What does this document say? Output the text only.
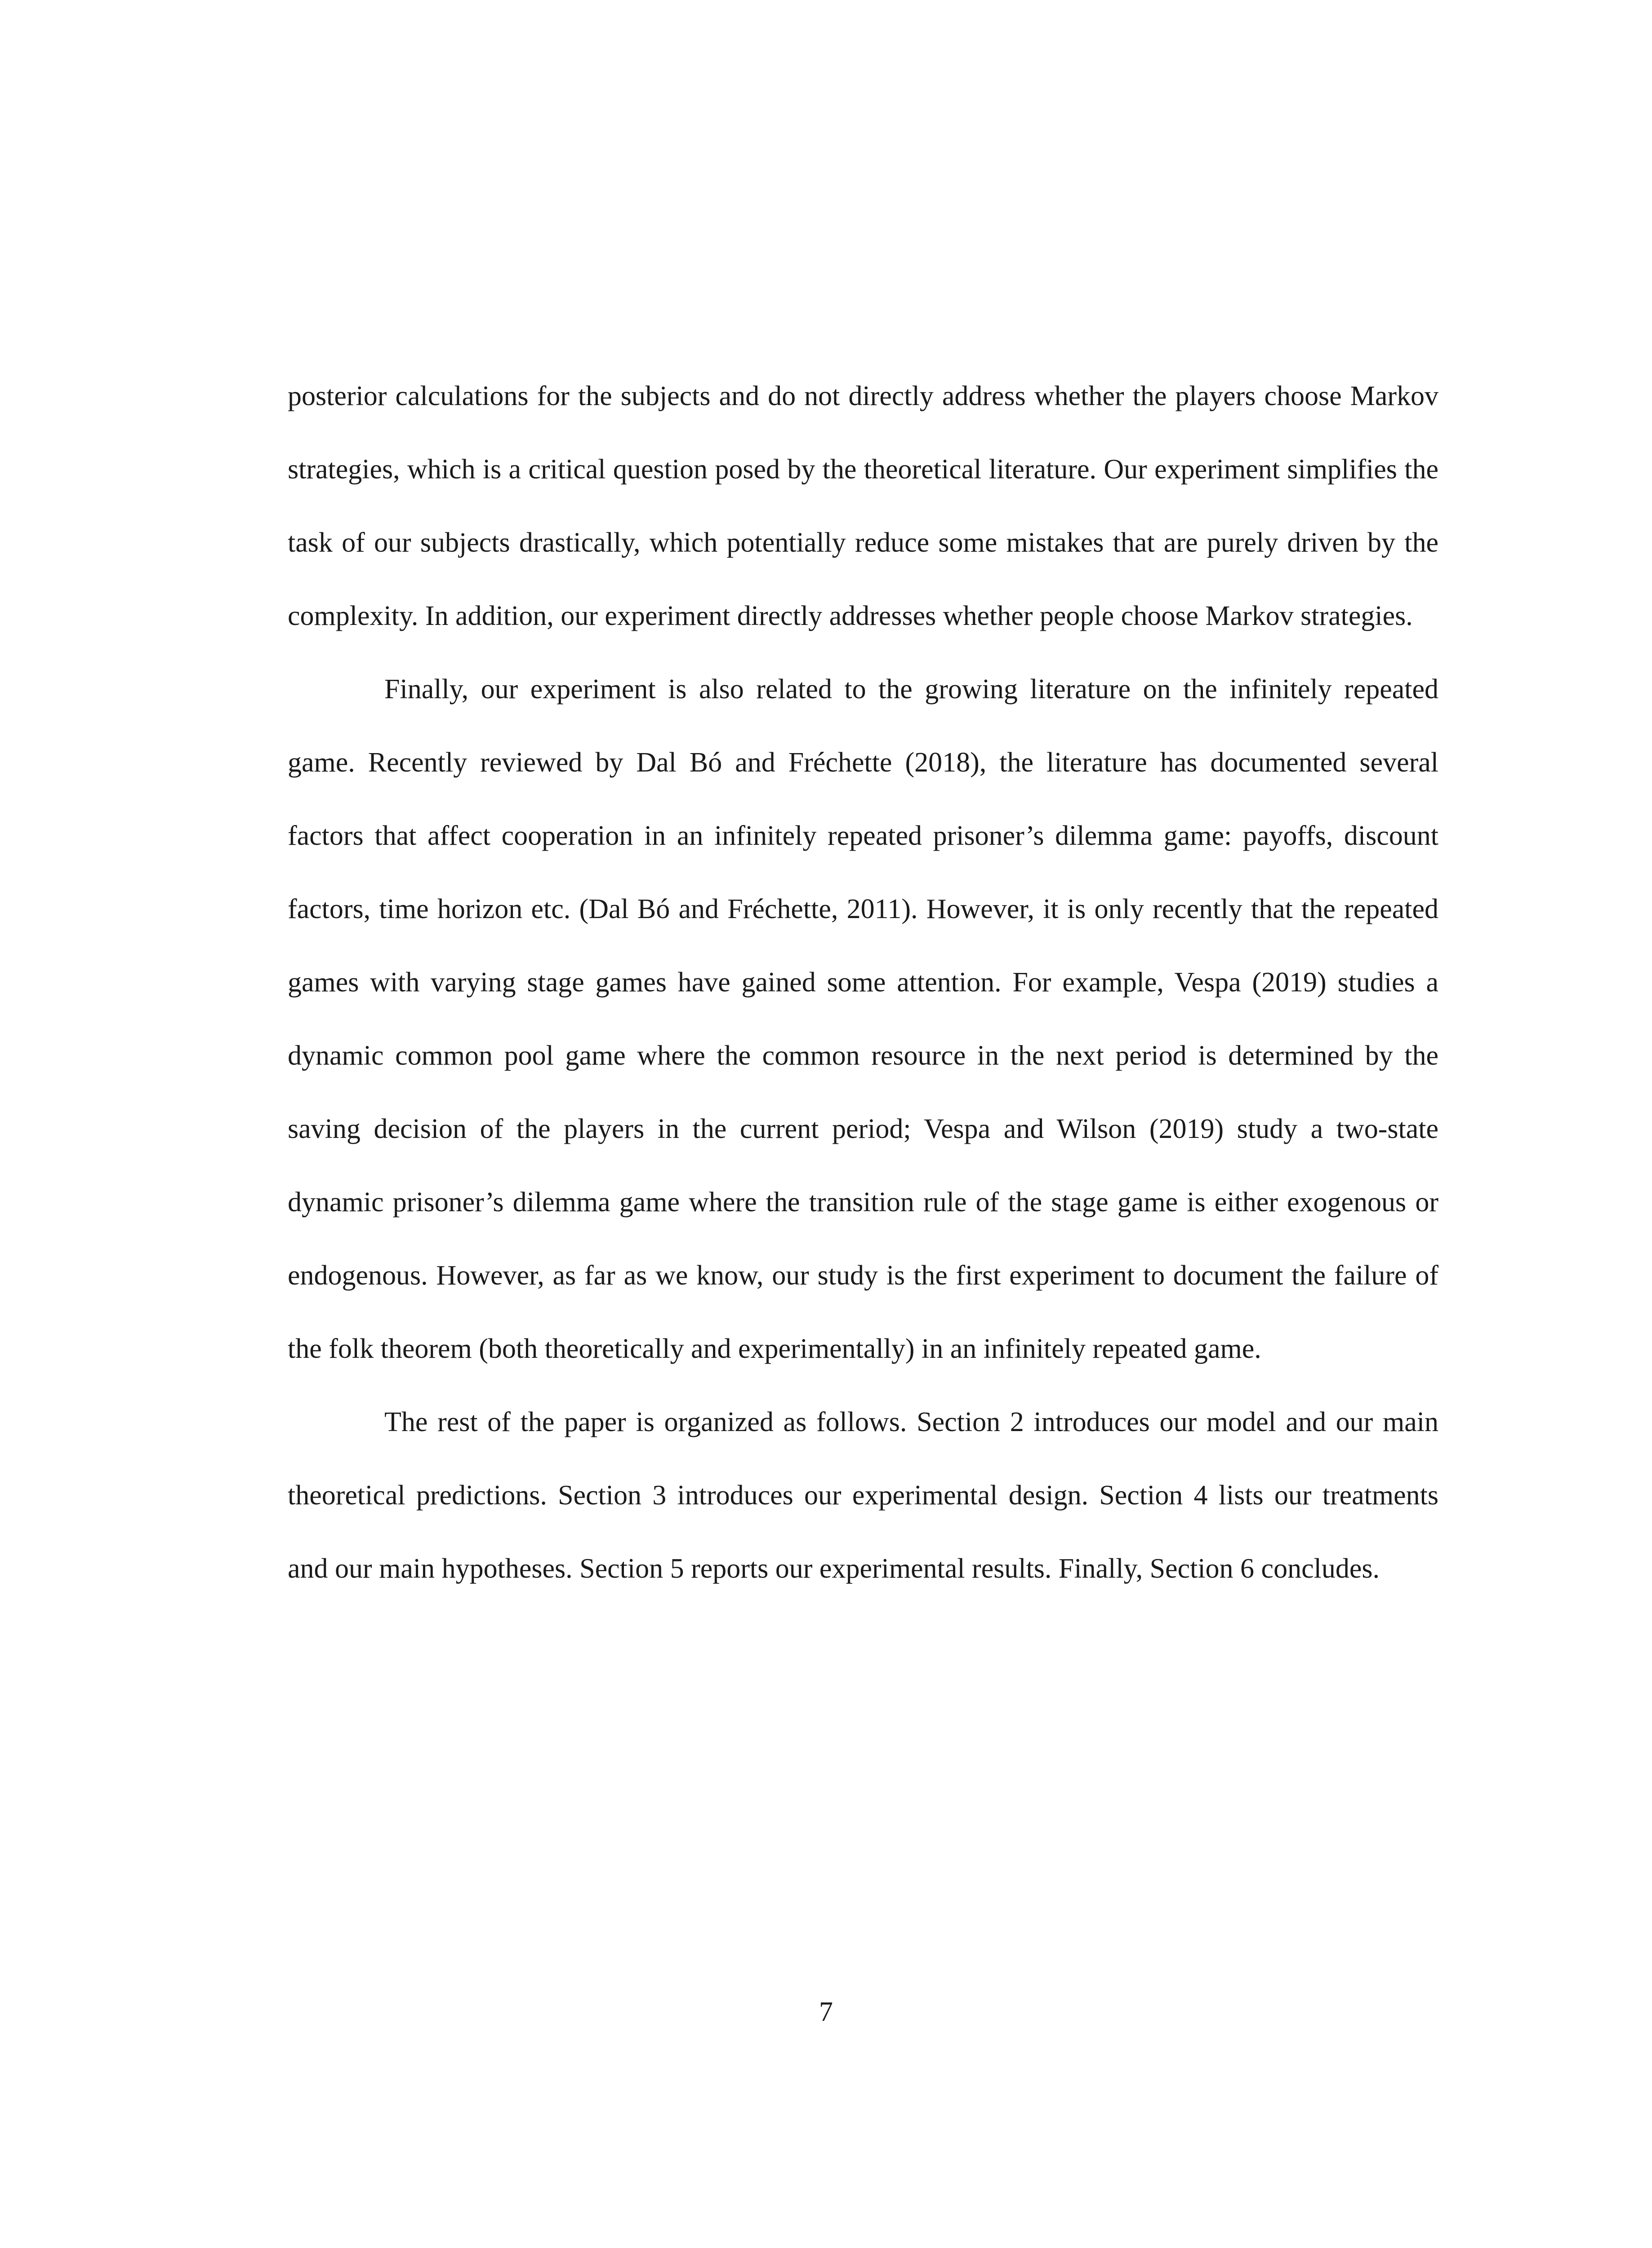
posterior calculations for the subjects and do not directly address whether the players choose Markov strategies, which is a critical question posed by the theoretical literature. Our experiment simplifies the task of our subjects drastically, which potentially reduce some mistakes that are purely driven by the complexity. In addition, our experiment directly addresses whether people choose Markov strategies.

Finally, our experiment is also related to the growing literature on the infinitely repeated game. Recently reviewed by Dal Bó and Fréchette (2018), the literature has documented several factors that affect cooperation in an infinitely repeated prisoner’s dilemma game: payoffs, discount factors, time horizon etc. (Dal Bó and Fréchette, 2011). However, it is only recently that the repeated games with varying stage games have gained some attention. For example, Vespa (2019) studies a dynamic common pool game where the common resource in the next period is determined by the saving decision of the players in the current period; Vespa and Wilson (2019) study a two-state dynamic prisoner’s dilemma game where the transition rule of the stage game is either exogenous or endogenous. However, as far as we know, our study is the first experiment to document the failure of the folk theorem (both theoretically and experimentally) in an infinitely repeated game.

The rest of the paper is organized as follows. Section 2 introduces our model and our main theoretical predictions. Section 3 introduces our experimental design. Section 4 lists our treatments and our main hypotheses. Section 5 reports our experimental results. Finally, Section 6 concludes.

7
